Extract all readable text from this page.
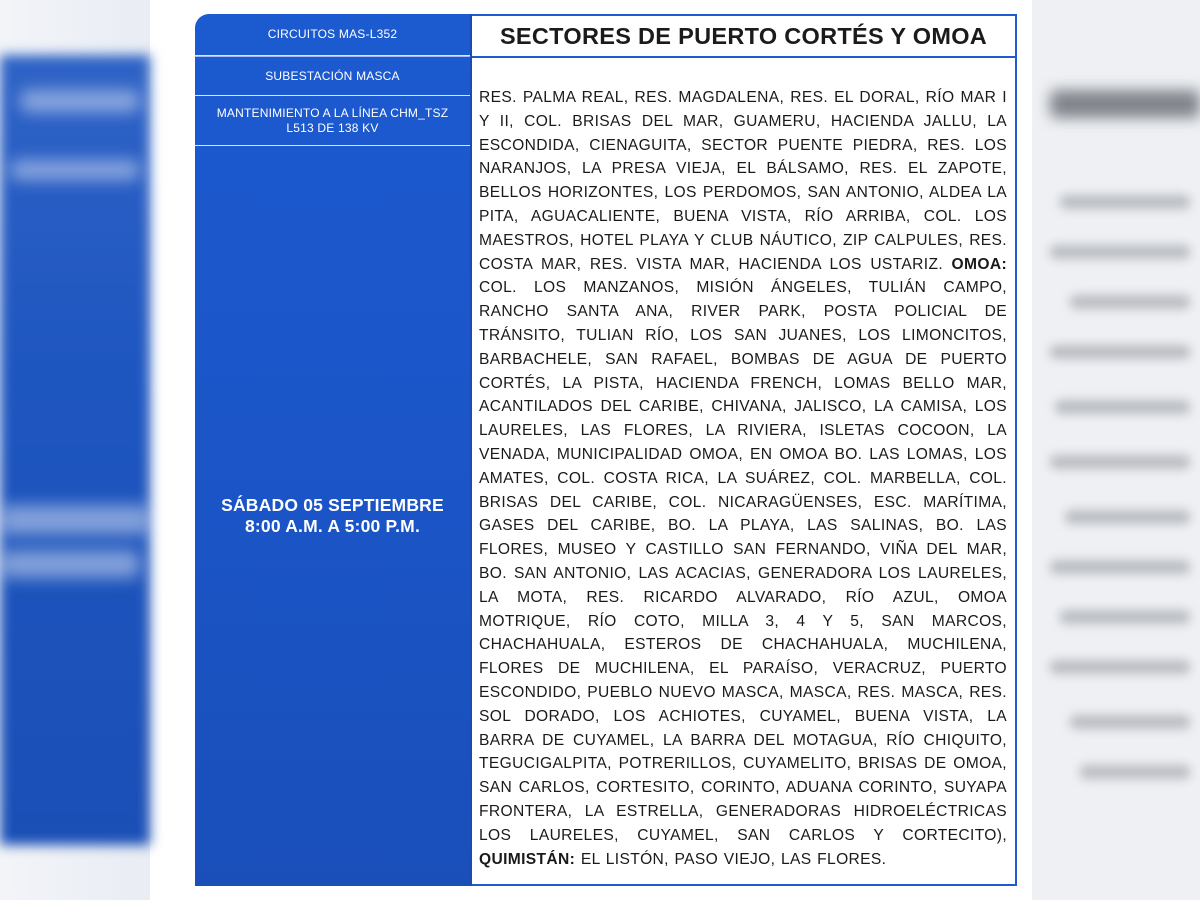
CIRCUITOS MAS-L352
SUBESTACIÓN MASCA
MANTENIMIENTO A LA LÍNEA CHM_TSZ
L513 DE 138 KV
SÁBADO 05 SEPTIEMBRE
8:00 A.M. A 5:00 P.M.
SECTORES DE PUERTO CORTÉS Y OMOA
RES. PALMA REAL, RES. MAGDALENA, RES. EL DORAL, RÍO MAR I Y II, COL. BRISAS DEL MAR, GUAMERU, HACIENDA JALLU, LA ESCONDIDA, CIENAGUITA, SECTOR PUENTE PIEDRA, RES. LOS NARANJOS, LA PRESA VIEJA, EL BÁLSAMO, RES. EL ZAPOTE, BELLOS HORIZONTES, LOS PERDOMOS, SAN ANTONIO, ALDEA LA PITA, AGUACALIENTE, BUENA VISTA, RÍO ARRIBA, COL. LOS MAESTROS, HOTEL PLAYA Y CLUB NÁUTICO, ZIP CALPULES, RES. COSTA MAR, RES. VISTA MAR, HACIENDA LOS USTARIZ. OMOA: COL. LOS MANZANOS, MISIÓN ÁNGELES, TULIÁN CAMPO, RANCHO SANTA ANA, RIVER PARK, POSTA POLICIAL DE TRÁNSITO, TULIAN RÍO, LOS SAN JUANES, LOS LIMONCITOS, BARBACHELE, SAN RAFAEL, BOMBAS DE AGUA DE PUERTO CORTÉS, LA PISTA, HACIENDA FRENCH, LOMAS BELLO MAR, ACANTILADOS DEL CARIBE, CHIVANA, JALISCO, LA CAMISA, LOS LAURELES, LAS FLORES, LA RIVIERA, ISLETAS COCOON, LA VENADA, MUNICIPALIDAD OMOA, EN OMOA BO. LAS LOMAS, LOS AMATES, COL. COSTA RICA, LA SUÁREZ, COL. MARBELLA, COL. BRISAS DEL CARIBE, COL. NICARAGÜENSES, ESC. MARÍTIMA, GASES DEL CARIBE, BO. LA PLAYA, LAS SALINAS, BO. LAS FLORES, MUSEO Y CASTILLO SAN FERNANDO, VIÑA DEL MAR, BO. SAN ANTONIO, LAS ACACIAS, GENERADORA LOS LAURELES, LA MOTA, RES. RICARDO ALVARADO, RÍO AZUL, OMOA MOTRIQUE, RÍO COTO, MILLA 3, 4 Y 5, SAN MARCOS, CHACHAHUALA, ESTEROS DE CHACHAHUALA, MUCHILENA, FLORES DE MUCHILENA, EL PARAÍSO, VERACRUZ, PUERTO ESCONDIDO, PUEBLO NUEVO MASCA, MASCA, RES. MASCA, RES. SOL DORADO, LOS ACHIOTES, CUYAMEL, BUENA VISTA, LA BARRA DE CUYAMEL, LA BARRA DEL MOTAGUA, RÍO CHIQUITO, TEGUCIGALPITA, POTRERILLOS, CUYAMELITO, BRISAS DE OMOA, SAN CARLOS, CORTESITO, CORINTO, ADUANA CORINTO, SUYAPA FRONTERA, LA ESTRELLA, GENERADORAS HIDROELÉCTRICAS LOS LAURELES, CUYAMEL, SAN CARLOS Y CORTECITO), QUIMISTÁN: EL LISTÓN, PASO VIEJO, LAS FLORES.
